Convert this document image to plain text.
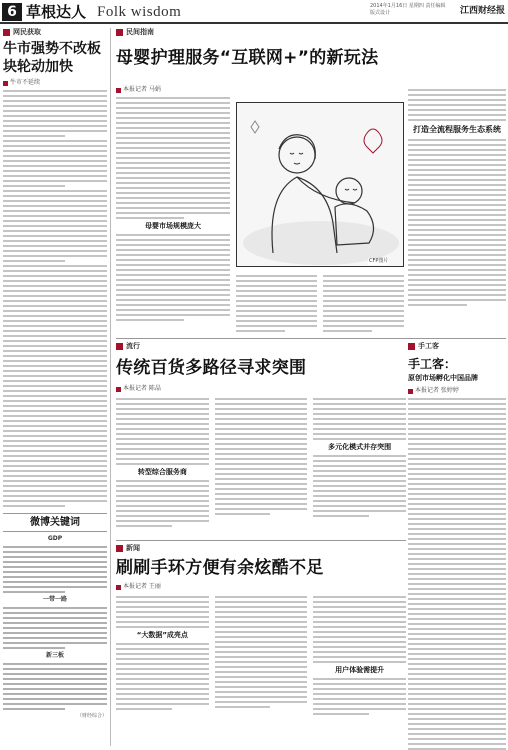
6 草根达人 Folk wisdom	2014年1月16日 星期四 责任编辑 版式设计	江西财经报
网民获取
牛市强势不改板块轮动加快
牛市不延续
微博关键词
GDP
一带一路
新三板
（财经综合）
民间指南
母婴护理服务“互联网+”的新玩法
本报记者 马娟
母婴市场规模庞大
CFP图片
流行
传统百货多路径寻求突围
本报记者 陈晶
转型综合服务商
多元化模式并存突围
新闻
刷刷手环方便有余炫酷不足
本报记者 王丽
“大数据”成亮点
用户体验需提升
打造全流程服务生态系统
手工客
手工客：
原创市场孵化中国品牌
本报记者 张婷婷
